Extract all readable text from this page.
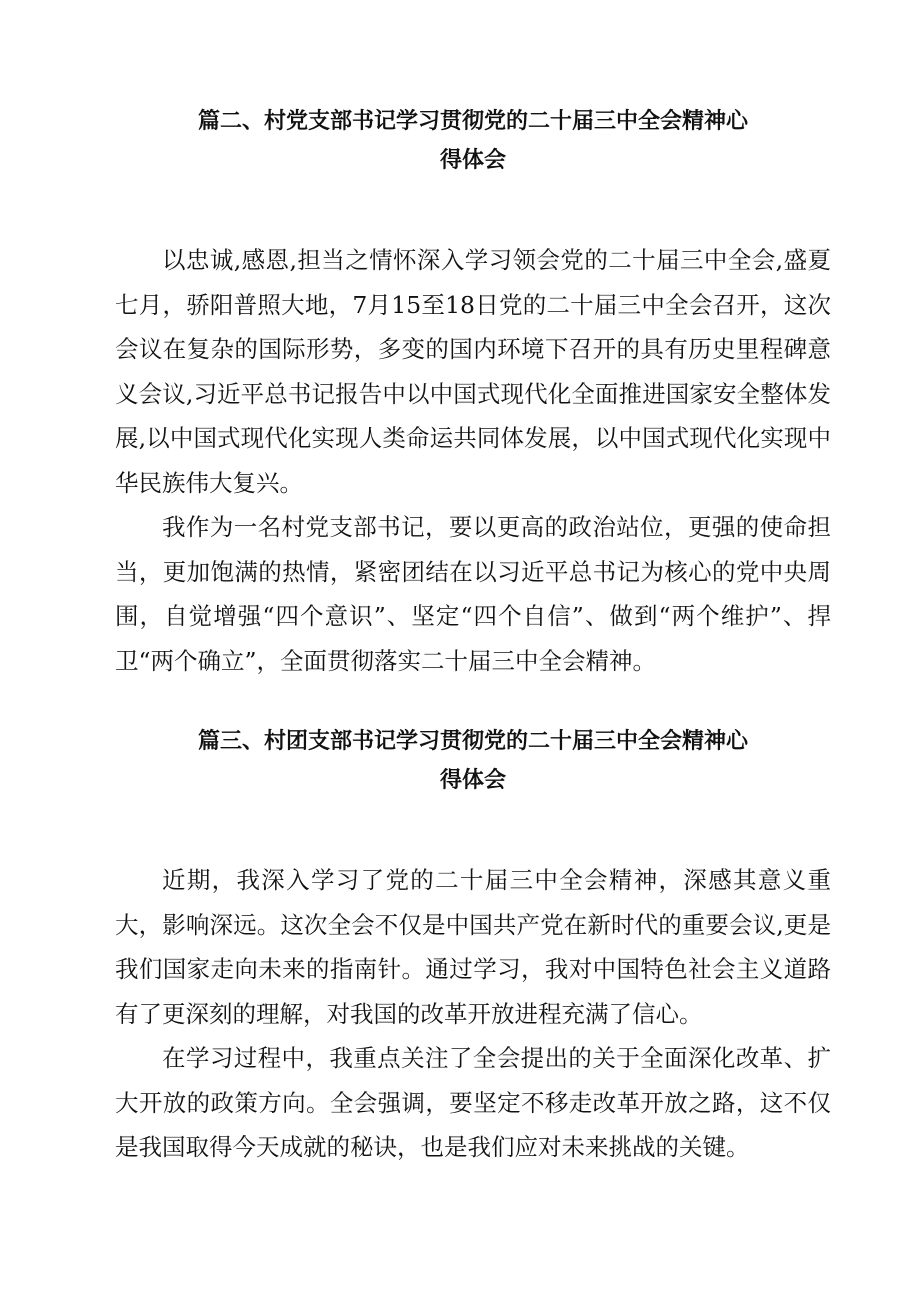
篇二、村党支部书记学习贯彻党的二十届三中全会精神心
得体会

以忠诚,感恩,担当之情怀深入学习领会党的二十届三中全会,盛夏七月，骄阳普照大地，7月15至18日党的二十届三中全会召开，这次会议在复杂的国际形势，多变的国内环境下召开的具有历史里程碑意义会议,习近平总书记报告中以中国式现代化全面推进国家安全整体发展,以中国式现代化实现人类命运共同体发展，以中国式现代化实现中华民族伟大复兴。

我作为一名村党支部书记，要以更高的政治站位，更强的使命担当，更加饱满的热情，紧密团结在以习近平总书记为核心的党中央周围，自觉增强“四个意识”、坚定“四个自信”、做到“两个维护”、捍卫“两个确立”，全面贯彻落实二十届三中全会精神。

篇三、村团支部书记学习贯彻党的二十届三中全会精神心
得体会

近期，我深入学习了党的二十届三中全会精神，深感其意义重大，影响深远。这次全会不仅是中国共产党在新时代的重要会议,更是我们国家走向未来的指南针。通过学习，我对中国特色社会主义道路有了更深刻的理解，对我国的改革开放进程充满了信心。

在学习过程中，我重点关注了全会提出的关于全面深化改革、扩大开放的政策方向。全会强调，要坚定不移走改革开放之路，这不仅是我国取得今天成就的秘诀，也是我们应对未来挑战的关键。
